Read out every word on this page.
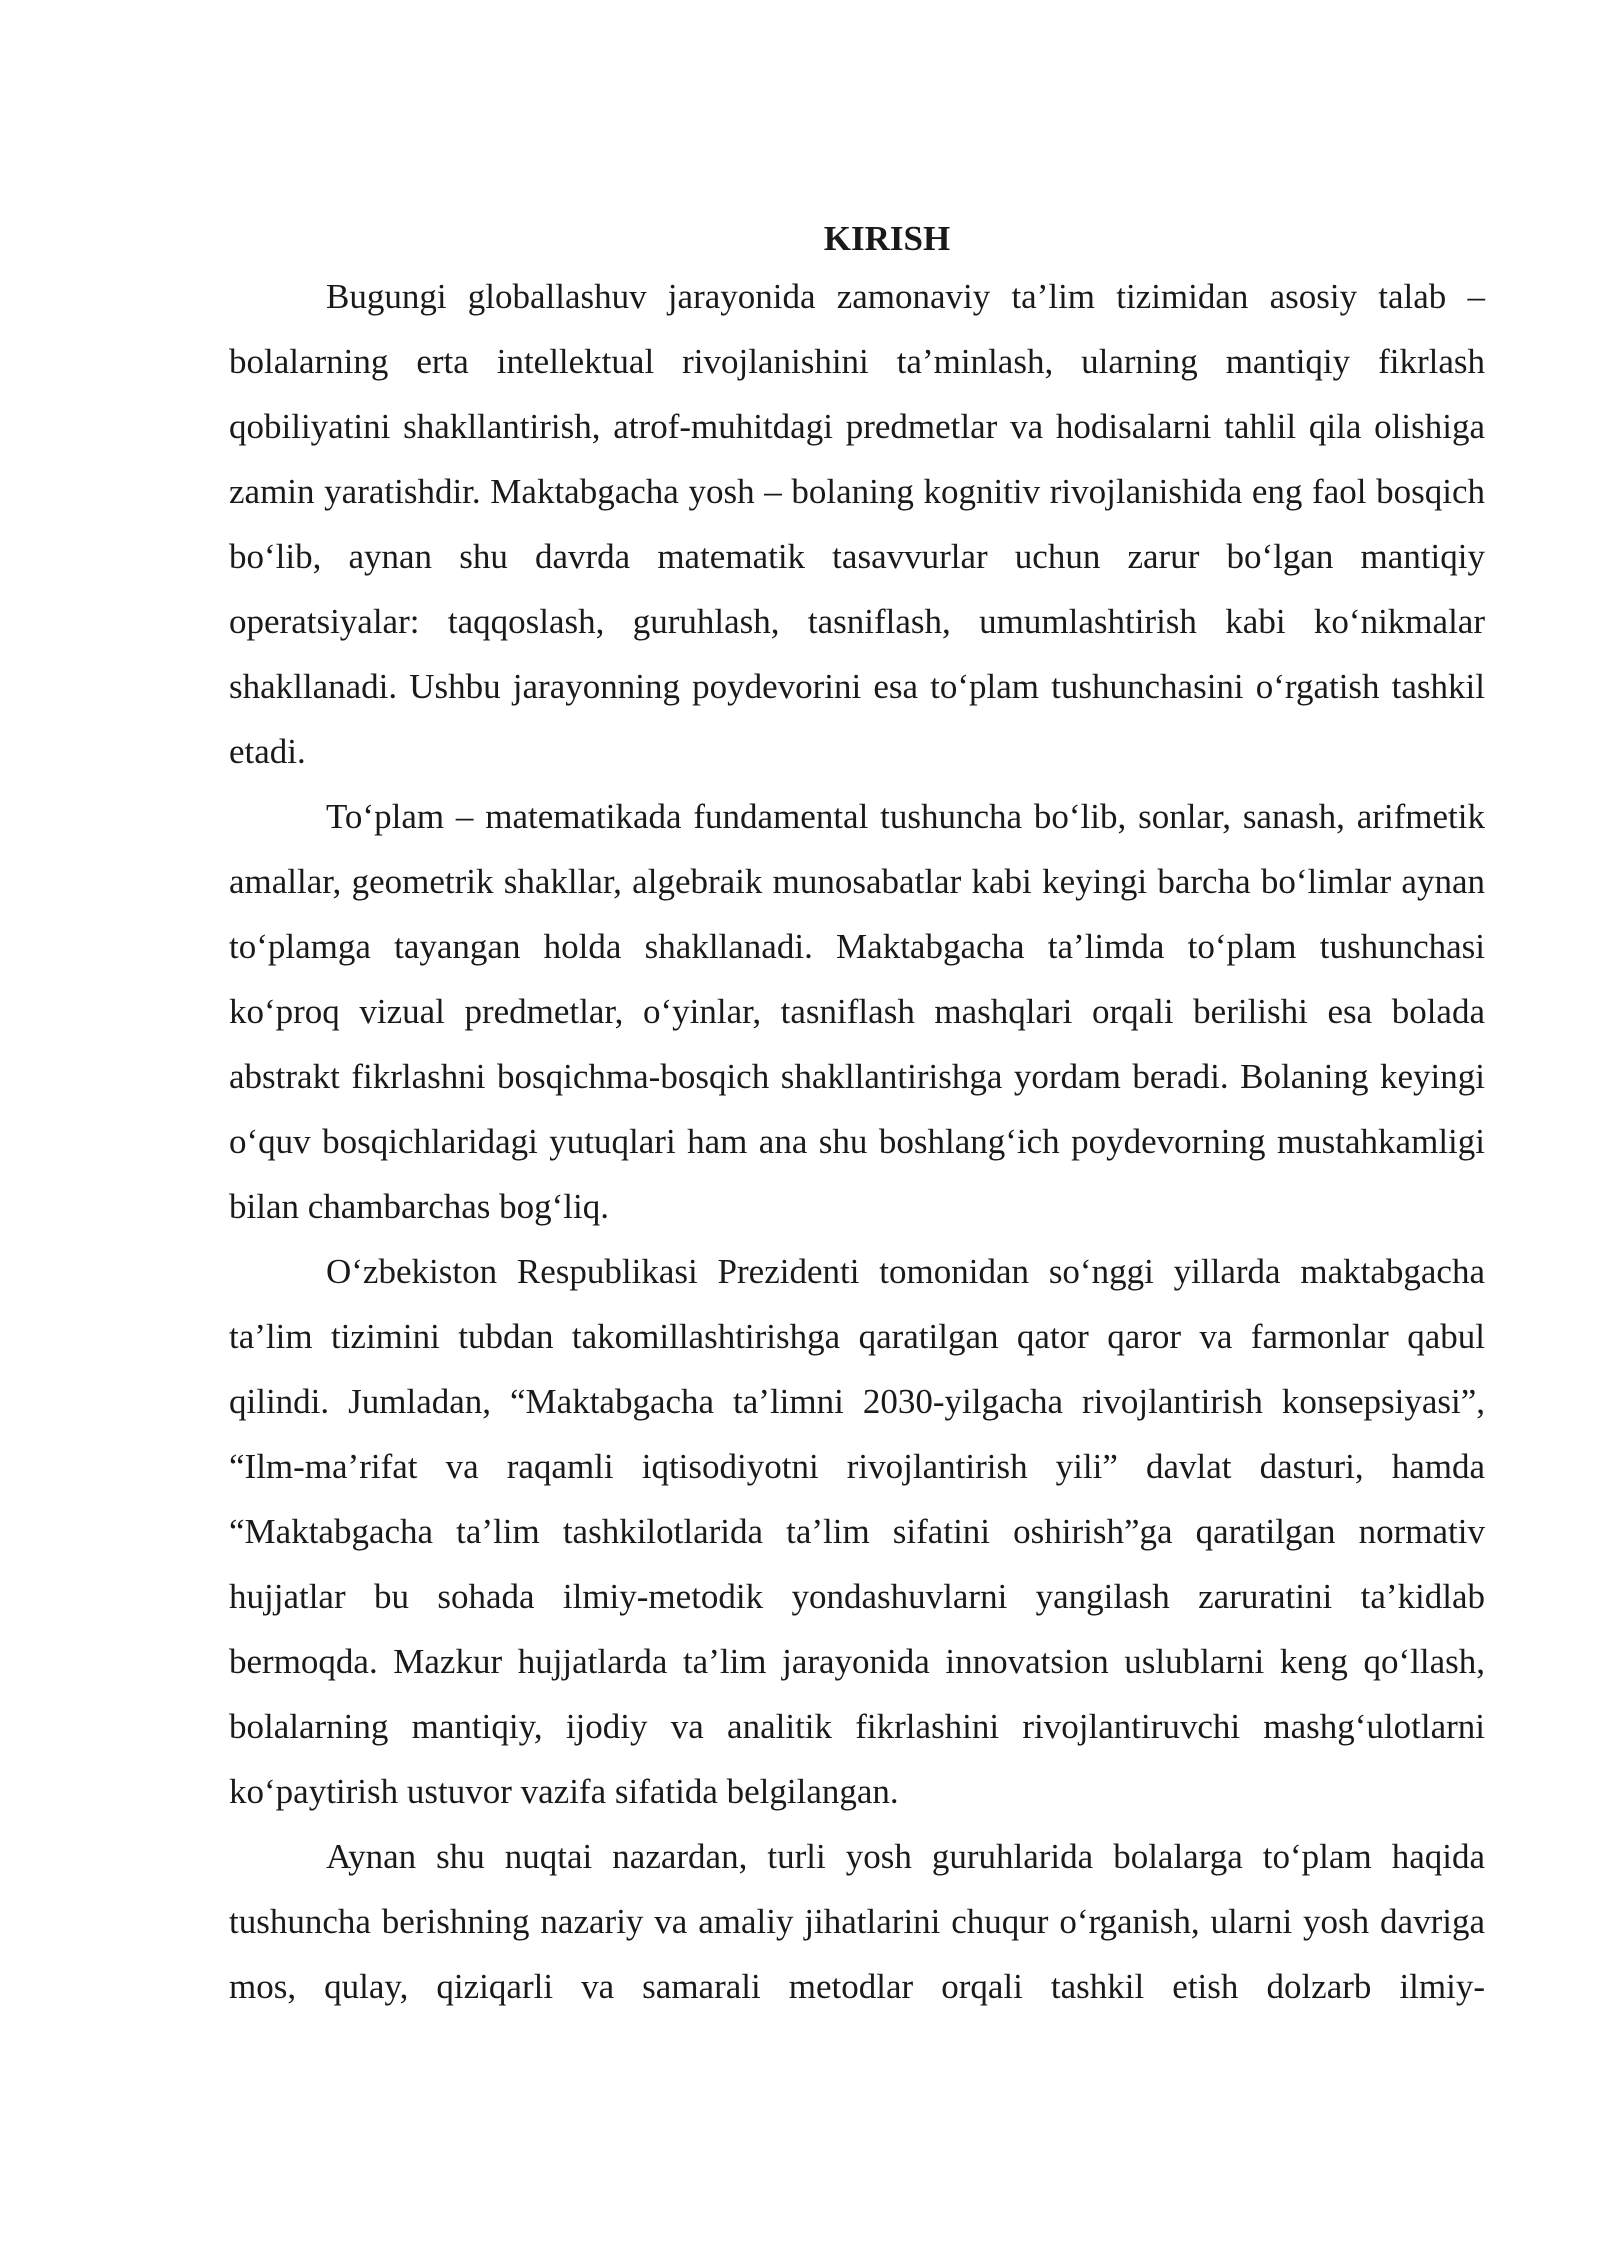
KIRISH

Bugungi globallashuv jarayonida zamonaviy ta’lim tizimidan asosiy talab – bolalarning erta intellektual rivojlanishini ta’minlash, ularning mantiqiy fikrlash qobiliyatini shakllantirish, atrof-muhitdagi predmetlar va hodisalarni tahlil qila olishiga zamin yaratishdir. Maktabgacha yosh – bolaning kognitiv rivojlanishida eng faol bosqich bo‘lib, aynan shu davrda matematik tasavvurlar uchun zarur bo‘lgan mantiqiy operatsiyalar: taqqoslash, guruhlash, tasniflash, umumlashtirish kabi ko‘nikmalar shakllanadi. Ushbu jarayonning poydevorini esa to‘plam tushunchasini o‘rgatish tashkil etadi.

To‘plam – matematikada fundamental tushuncha bo‘lib, sonlar, sanash, arifmetik amallar, geometrik shakllar, algebraik munosabatlar kabi keyingi barcha bo‘limlar aynan to‘plamga tayangan holda shakllanadi. Maktabgacha ta’limda to‘plam tushunchasi ko‘proq vizual predmetlar, o‘yinlar, tasniflash mashqlari orqali berilishi esa bolada abstrakt fikrlashni bosqichma-bosqich shakllantirishga yordam beradi. Bolaning keyingi o‘quv bosqichlaridagi yutuqlari ham ana shu boshlang‘ich poydevorning mustahkamligi bilan chambarchas bog‘liq.

O‘zbekiston Respublikasi Prezidenti tomonidan so‘nggi yillarda maktabgacha ta’lim tizimini tubdan takomillashtirishga qaratilgan qator qaror va farmonlar qabul qilindi. Jumladan, “Maktabgacha ta’limni 2030-yilgacha rivojlantirish konsepsiyasi”, “Ilm-ma’rifat va raqamli iqtisodiyotni rivojlantirish yili” davlat dasturi, hamda “Maktabgacha ta’lim tashkilotlarida ta’lim sifatini oshirish”ga qaratilgan normativ hujjatlar bu sohada ilmiy-metodik yondashuvlarni yangilash zaruratini ta’kidlab bermoqda. Mazkur hujjatlarda ta’lim jarayonida innovatsion uslublarni keng qo‘llash, bolalarning mantiqiy, ijodiy va analitik fikrlashini rivojlantiruvchi mashg‘ulotlarni ko‘paytirish ustuvor vazifa sifatida belgilangan.

Aynan shu nuqtai nazardan, turli yosh guruhlarida bolalarga to‘plam haqida tushuncha berishning nazariy va amaliy jihatlarini chuqur o‘rganish, ularni yosh davriga mos, qulay, qiziqarli va samarali metodlar orqali tashkil etish dolzarb ilmiy-
